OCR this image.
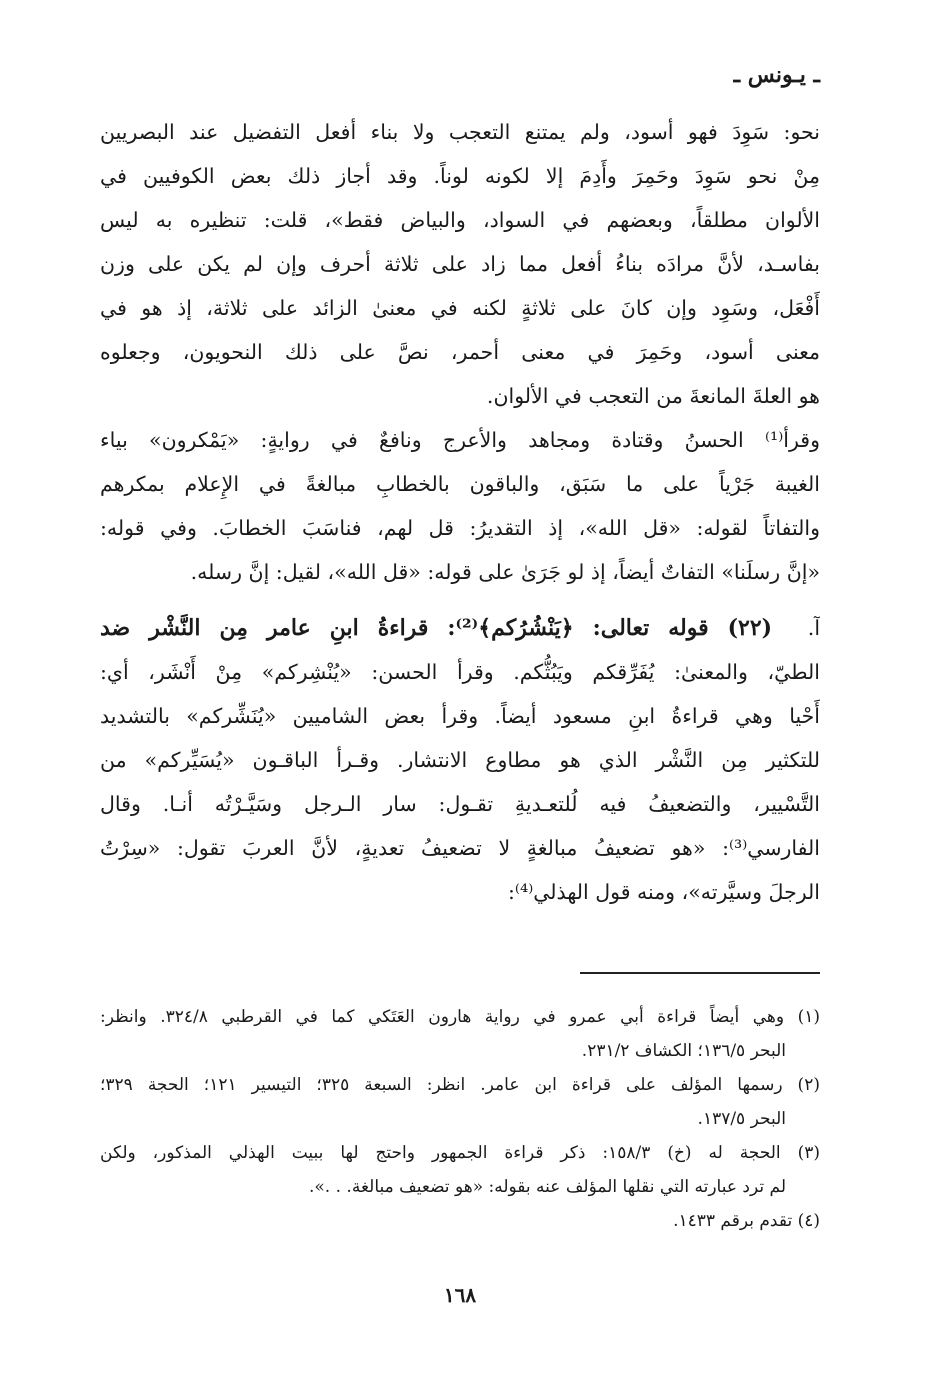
ـ يـونس ـ
نحو: سَوِدَ فهو أسود، ولم يمتنع التعجب ولا بناء أفعل التفضيل عند البصريين
مِنْ نحو سَوِدَ وحَمِرَ وأَدِمَ إلا لكونه لوناً. وقد أجاز ذلك بعض الكوفيين في
الألوان مطلقاً، وبعضهم في السواد، والبياض فقط»، قلت: تنظيره به ليس
بفاسـد، لأنَّ مرادَه بناءُ أفعل مما زاد على ثلاثة أحرف وإن لم يكن على وزن
أَفْعَل، وسَوِد وإن كانَ على ثلاثةٍ لكنه في معنىٰ الزائد على ثلاثة، إذ هو في
معنى أسود، وحَمِرَ في معنى أحمر، نصَّ على ذلك النحويون، وجعلوه
هو العلةَ المانعةَ من التعجب في الألوان.
وقرأ⁽¹⁾ الحسنُ وقتادة ومجاهد والأعرج ونافعٌ في روايةٍ: «يَمْكرون» بياء
الغيبة جَرْياً على ما سَبَق، والباقون بالخطابِ مبالغةً في الإِعلام بمكرهم
والتفاتاً لقوله: «قل الله»، إذ التقديرُ: قل لهم، فناسَبَ الخطابَ. وفي قوله:
«إنَّ رسلَنا» التفاتٌ أيضاً، إذ لو جَرَىٰ على قوله: «قل الله»، لقيل: إنَّ رسله.
آ.  (٢٢) قوله تعالى: ﴿يَنْشُرُكم﴾⁽²⁾: قراءةُ ابنِ عامر مِن النَّشْر ضد
الطيّ، والمعنىٰ: يُفَرِّقكم ويَبُثُّكم. وقرأ الحسن: «يُنْشِركم» مِنْ أَنْشَر، أي:
أَحْيا وهي قراءةُ ابنِ مسعود أيضاً. وقرأ بعض الشاميين «يُنَشِّركم» بالتشديد
للتكثير مِن النَّشْر الذي هو مطاوع الانتشار. وقـرأ الباقـون «يُسَيِّركم» من
التَّسْيير، والتضعيفُ فيه لُلتعـديةِ تقـول: سار الـرجل وسَيَّـرْتُه أنـا. وقال
الفارسي⁽³⁾: «هو تضعيفُ مبالغةٍ لا تضعيفُ تعديةٍ، لأنَّ العربَ تقول: «سِرْتُ
الرجلَ وسيَّرته»، ومنه قول الهذلي⁽⁴⁾:
(١) وهي أيضاً قراءة أبي عمرو في رواية هارون العَتَكي كما في القرطبي ٣٢٤/٨. وانظر:
البحر ١٣٦/٥؛ الكشاف ٢٣١/٢.
(٢) رسمها المؤلف على قراءة ابن عامر. انظر: السبعة ٣٢٥؛ التيسير ١٢١؛ الحجة ٣٢٩؛
البحر ١٣٧/٥.
(٣) الحجة له (خ) ١٥٨/٣: ذكر قراءة الجمهور واحتج لها ببيت الهذلي المذكور، ولكن
لم ترد عبارته التي نقلها المؤلف عنه بقوله: «هو تضعيف مبالغة. . .».
(٤) تقدم برقم ١٤٣٣.
١٦٨
